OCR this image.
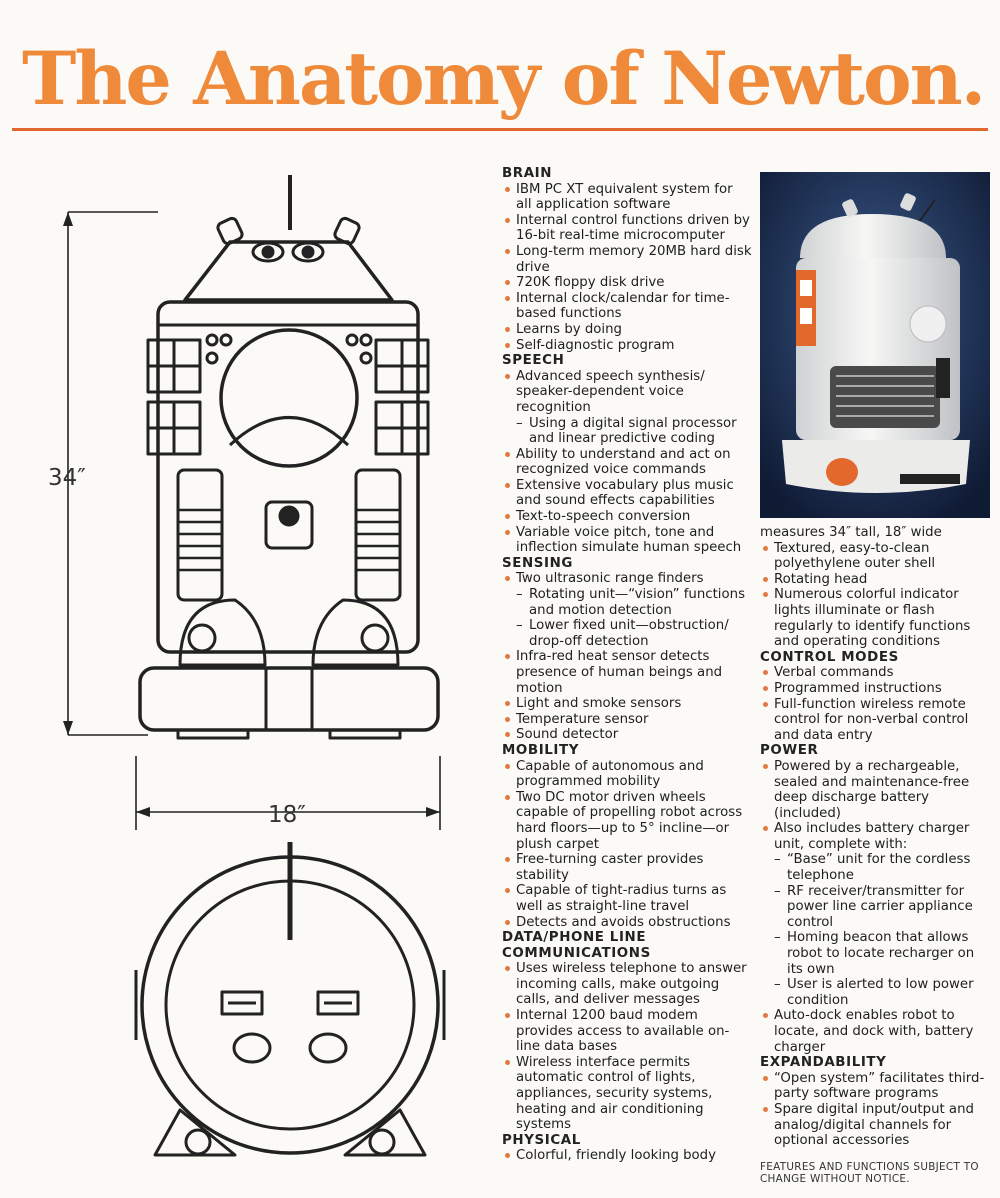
The Anatomy of Newton.
34″
18″
BRAIN
IBM PC XT equivalent system for all application software
Internal control functions driven by 16-bit real-time microcomputer
Long-term memory 20MB hard disk drive
720K floppy disk drive
Internal clock/calendar for time-based functions
Learns by doing
Self-diagnostic program
SPEECH
Advanced speech synthesis/ speaker-dependent voice recognition
– Using a digital signal processor and linear predictive coding
Ability to understand and act on recognized voice commands
Extensive vocabulary plus music and sound effects capabilities
Text-to-speech conversion
Variable voice pitch, tone and inflection simulate human speech
SENSING
Two ultrasonic range finders
– Rotating unit—“vision” functions and motion detection
– Lower fixed unit—obstruction/ drop-off detection
Infra-red heat sensor detects presence of human beings and motion
Light and smoke sensors
Temperature sensor
Sound detector
MOBILITY
Capable of autonomous and programmed mobility
Two DC motor driven wheels capable of propelling robot across hard floors—up to 5° incline—or plush carpet
Free-turning caster provides stability
Capable of tight-radius turns as well as straight-line travel
Detects and avoids obstructions
DATA/PHONE LINE COMMUNICATIONS
Uses wireless telephone to answer incoming calls, make outgoing calls, and deliver messages
Internal 1200 baud modem provides access to available on-line data bases
Wireless interface permits automatic control of lights, appliances, security systems, heating and air conditioning systems
PHYSICAL
Colorful, friendly looking body
measures 34″ tall, 18″ wide
Textured, easy-to-clean polyethylene outer shell
Rotating head
Numerous colorful indicator lights illuminate or flash regularly to identify functions and operating conditions
CONTROL MODES
Verbal commands
Programmed instructions
Full-function wireless remote control for non-verbal control and data entry
POWER
Powered by a rechargeable, sealed and maintenance-free deep discharge battery (included)
Also includes battery charger unit, complete with:
– “Base” unit for the cordless telephone
– RF receiver/transmitter for power line carrier appliance control
– Homing beacon that allows robot to locate recharger on its own
– User is alerted to low power condition
Auto-dock enables robot to locate, and dock with, battery charger
EXPANDABILITY
“Open system” facilitates third-party software programs
Spare digital input/output and analog/digital channels for optional accessories
FEATURES AND FUNCTIONS SUBJECT TO CHANGE WITHOUT NOTICE.
